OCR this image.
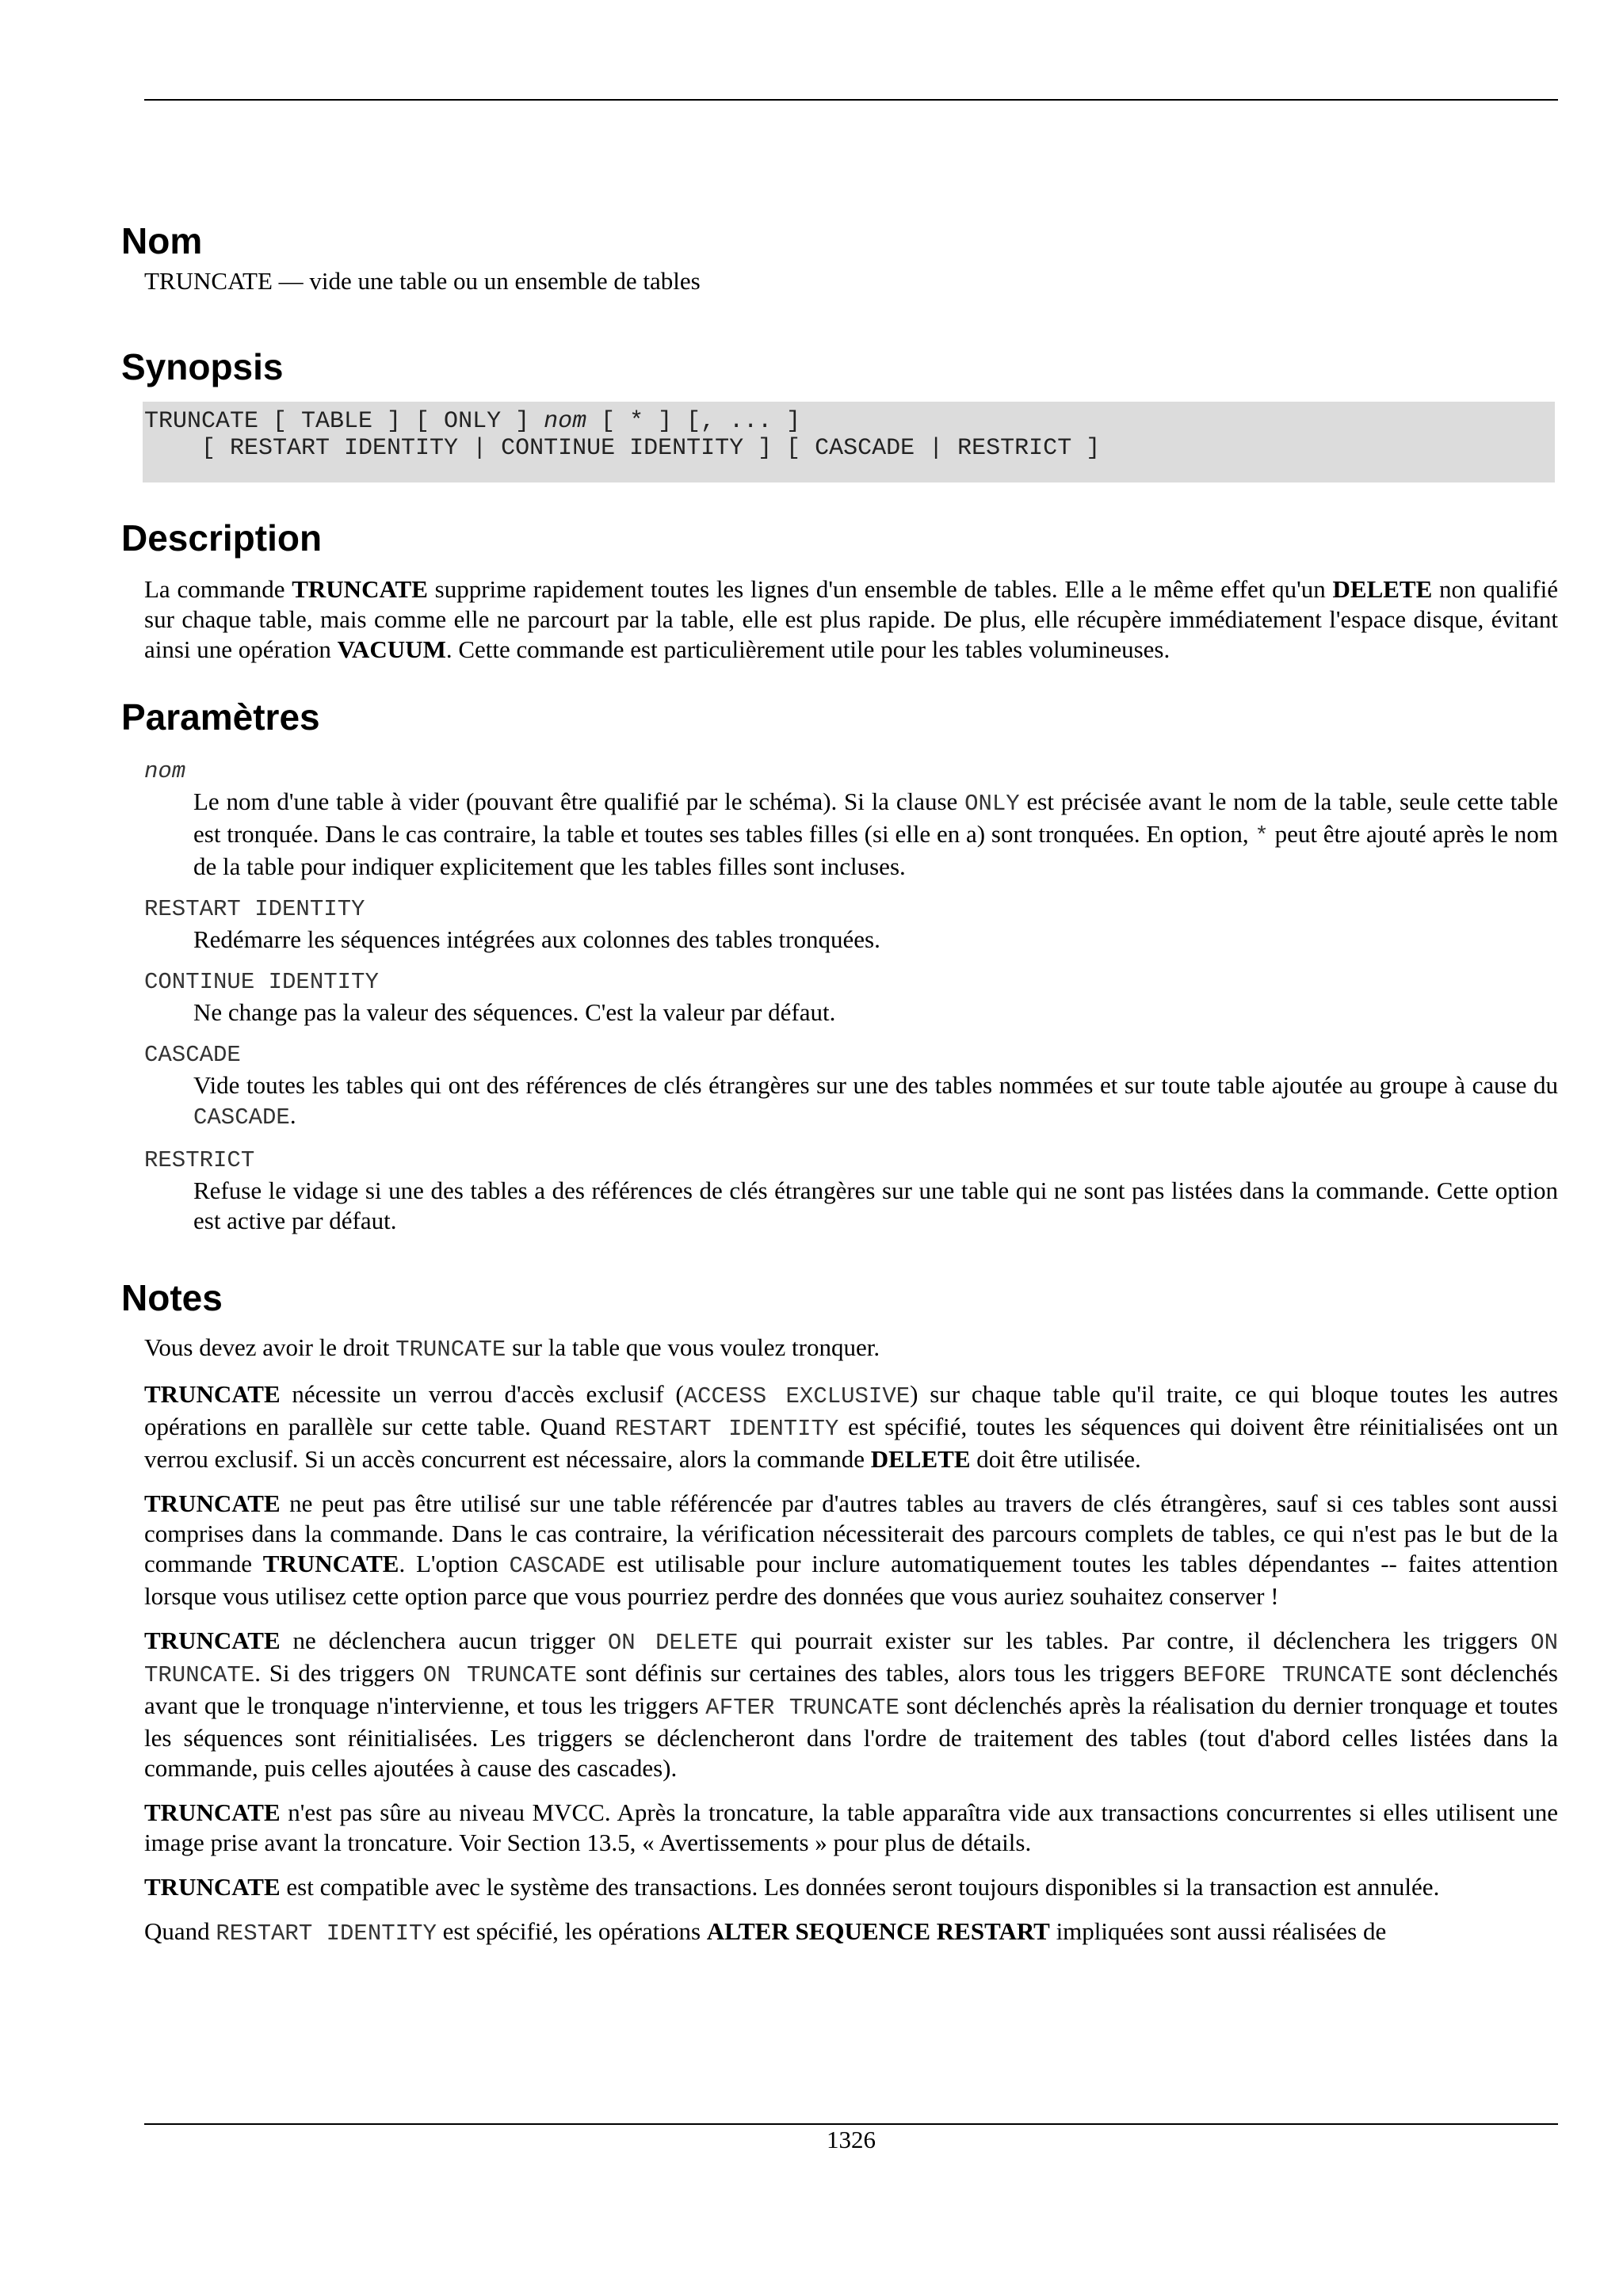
Nom
TRUNCATE — vide une table ou un ensemble de tables
Synopsis
TRUNCATE [ TABLE ] [ ONLY ] nom [ * ] [, ... ]
[ RESTART IDENTITY | CONTINUE IDENTITY ] [ CASCADE | RESTRICT ]
Description
La commande TRUNCATE supprime rapidement toutes les lignes d'un ensemble de tables. Elle a le même effet qu'un DELETE non qualifié sur chaque table, mais comme elle ne parcourt par la table, elle est plus rapide. De plus, elle récupère immédiatement l'espace disque, évitant ainsi une opération VACUUM. Cette commande est particulièrement utile pour les tables volumineuses.
Paramètres
nom
Le nom d'une table à vider (pouvant être qualifié par le schéma). Si la clause ONLY est précisée avant le nom de la table, seule cette table est tronquée. Dans le cas contraire, la table et toutes ses tables filles (si elle en a) sont tronquées. En option, * peut être ajouté après le nom de la table pour indiquer explicitement que les tables filles sont incluses.
RESTART IDENTITY
Redémarre les séquences intégrées aux colonnes des tables tronquées.
CONTINUE IDENTITY
Ne change pas la valeur des séquences. C'est la valeur par défaut.
CASCADE
Vide toutes les tables qui ont des références de clés étrangères sur une des tables nommées et sur toute table ajoutée au groupe à cause du CASCADE.
RESTRICT
Refuse le vidage si une des tables a des références de clés étrangères sur une table qui ne sont pas listées dans la commande. Cette option est active par défaut.
Notes
Vous devez avoir le droit TRUNCATE sur la table que vous voulez tronquer.
TRUNCATE nécessite un verrou d'accès exclusif (ACCESS EXCLUSIVE) sur chaque table qu'il traite, ce qui bloque toutes les autres opérations en parallèle sur cette table. Quand RESTART IDENTITY est spécifié, toutes les séquences qui doivent être réinitialisées ont un verrou exclusif. Si un accès concurrent est nécessaire, alors la commande DELETE doit être utilisée.
TRUNCATE ne peut pas être utilisé sur une table référencée par d'autres tables au travers de clés étrangères, sauf si ces tables sont aussi comprises dans la commande. Dans le cas contraire, la vérification nécessiterait des parcours complets de tables, ce qui n'est pas le but de la commande TRUNCATE. L'option CASCADE est utilisable pour inclure automatiquement toutes les tables dépendantes -- faites attention lorsque vous utilisez cette option parce que vous pourriez perdre des données que vous auriez souhaitez conserver !
TRUNCATE ne déclenchera aucun trigger ON DELETE qui pourrait exister sur les tables. Par contre, il déclenchera les triggers ON TRUNCATE. Si des triggers ON TRUNCATE sont définis sur certaines des tables, alors tous les triggers BEFORE TRUNCATE sont déclenchés avant que le tronquage n'intervienne, et tous les triggers AFTER TRUNCATE sont déclenchés après la réalisation du dernier tronquage et toutes les séquences sont réinitialisées. Les triggers se déclencheront dans l'ordre de traitement des tables (tout d'abord celles listées dans la commande, puis celles ajoutées à cause des cascades).
TRUNCATE n'est pas sûre au niveau MVCC. Après la troncature, la table apparaîtra vide aux transactions concurrentes si elles utilisent une image prise avant la troncature. Voir Section 13.5, « Avertissements » pour plus de détails.
TRUNCATE est compatible avec le système des transactions. Les données seront toujours disponibles si la transaction est annulée.
Quand RESTART IDENTITY est spécifié, les opérations ALTER SEQUENCE RESTART impliquées sont aussi réalisées de
1326
